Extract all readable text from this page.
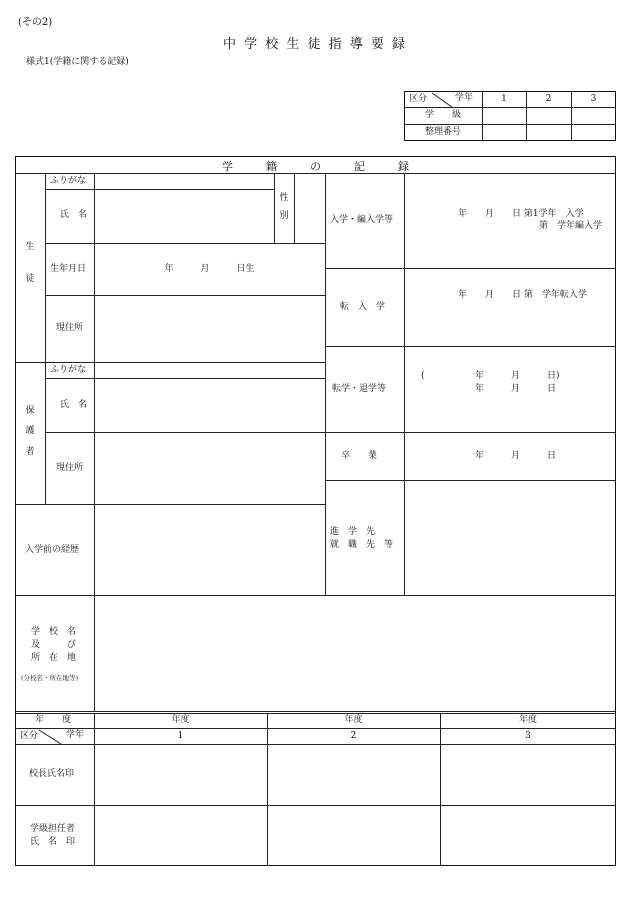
(その2)
中 学 校 生 徒 指 導 要 録
様式1(学籍に関する記録)
区分	学年	1	2	3
学　　級
整理番号
学　　　籍　　　の　　　記　　　録
生
徒
ふりがな
氏　名
性
別
生年月日	年　　　月　　　日生
現住所
保
護
者
ふりがな
氏　名
現住所
入学前の経歴
入学・編入学等
年　　月　　日 第1学年　入学
第　学年編入学
転　入　学
年　　月　　日 第　学年転入学
転学・退学等
(	年　　　月　　　日)
年　　　月　　　日
卒　　業	年　　　月　　　日
進　学　先
就　職　先　等
学　校　名
及　　　び
所　在　地
(分校名・所在地等)
年　　度	年度	年度	年度
区分	学年	1	2	3
校長氏名印
学級担任者
氏　名　印
